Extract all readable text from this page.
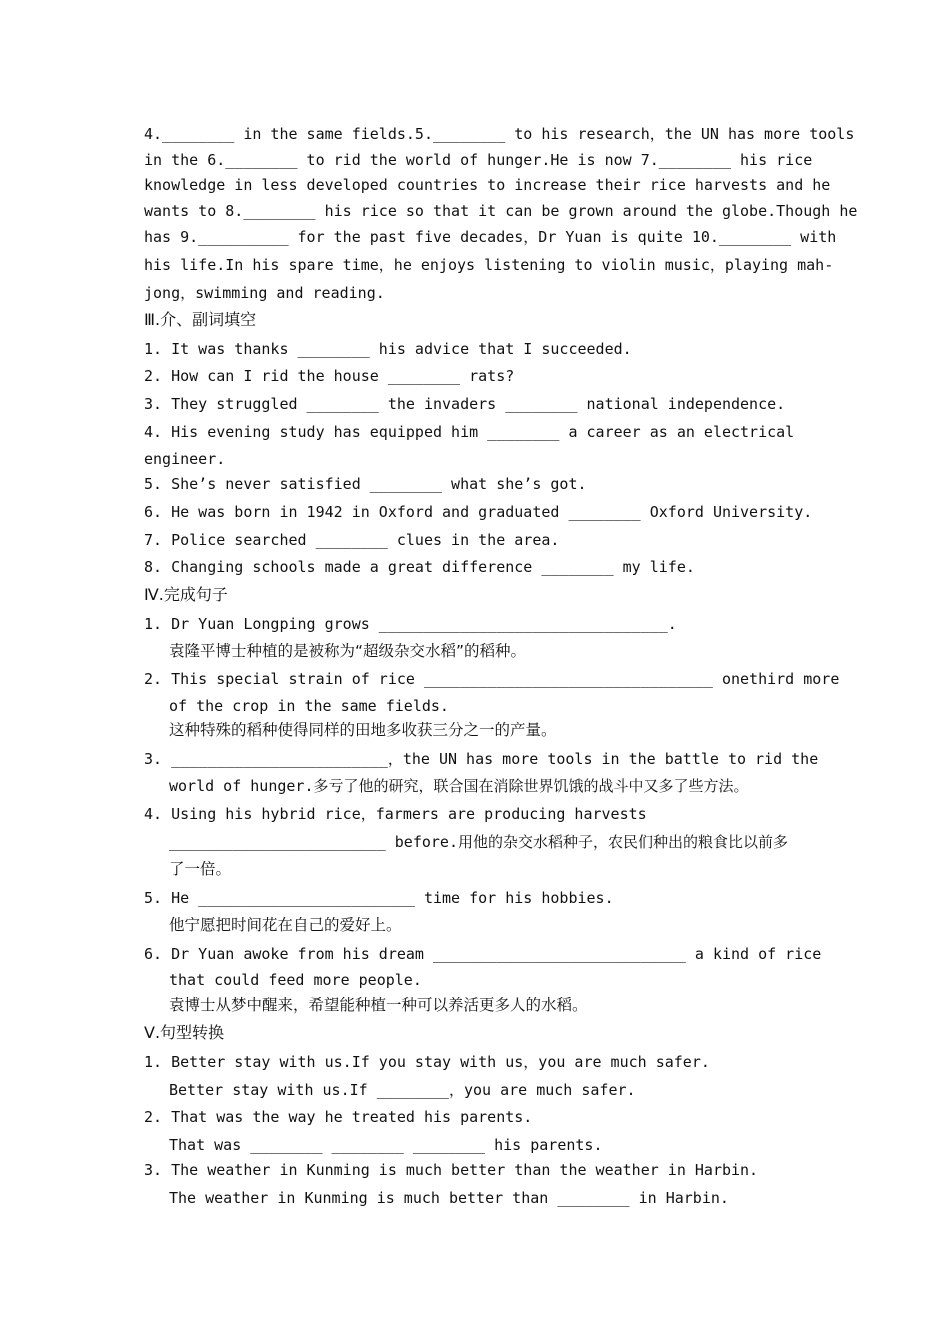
4.________ in the same fields.5.________ to his research，the UN has more tools
in the 6.________ to rid the world of hunger.He is now 7.________ his rice
knowledge in less developed countries to increase their rice harvests and he
wants to 8.________ his rice so that it can be grown around the globe.Though he
has 9.__________ for the past five decades，Dr Yuan is quite 10.________ with
his life.In his spare time，he enjoys listening to violin music，playing mah-
jong，swimming and reading.
Ⅲ.介、副词填空
1. It was thanks ________ his advice that I succeeded.
2. How can I rid the house ________ rats?
3. They struggled ________ the invaders ________ national independence.
4. His evening study has equipped him ________ a career as an electrical
engineer.
5. She’s never satisfied ________ what she’s got.
6. He was born in 1942 in Oxford and graduated ________ Oxford University.
7. Police searched ________ clues in the area.
8. Changing schools made a great difference ________ my life.
Ⅳ.完成句子
1. Dr Yuan Longping grows ________________________________.
袁隆平博士种植的是被称为“超级杂交水稻”的稻种。
2. This special strain of rice ________________________________ onethird more
of the crop in the same fields.
这种特殊的稻种使得同样的田地多收获三分之一的产量。
3. ________________________，the UN has more tools in the battle to rid the
world of hunger.多亏了他的研究，联合国在消除世界饥饿的战斗中又多了些方法。
4. Using his hybrid rice，farmers are producing harvests
________________________ before.用他的杂交水稻种子，农民们种出的粮食比以前多
了一倍。
5. He ________________________ time for his hobbies.
他宁愿把时间花在自己的爱好上。
6. Dr Yuan awoke from his dream ____________________________ a kind of rice
that could feed more people.
袁博士从梦中醒来，希望能种植一种可以养活更多人的水稻。
Ⅴ.句型转换
1. Better stay with us.If you stay with us，you are much safer.
Better stay with us.If ________，you are much safer.
2. That was the way he treated his parents.
That was ________ ________ ________ his parents.
3. The weather in Kunming is much better than the weather in Harbin.
The weather in Kunming is much better than ________ in Harbin.
